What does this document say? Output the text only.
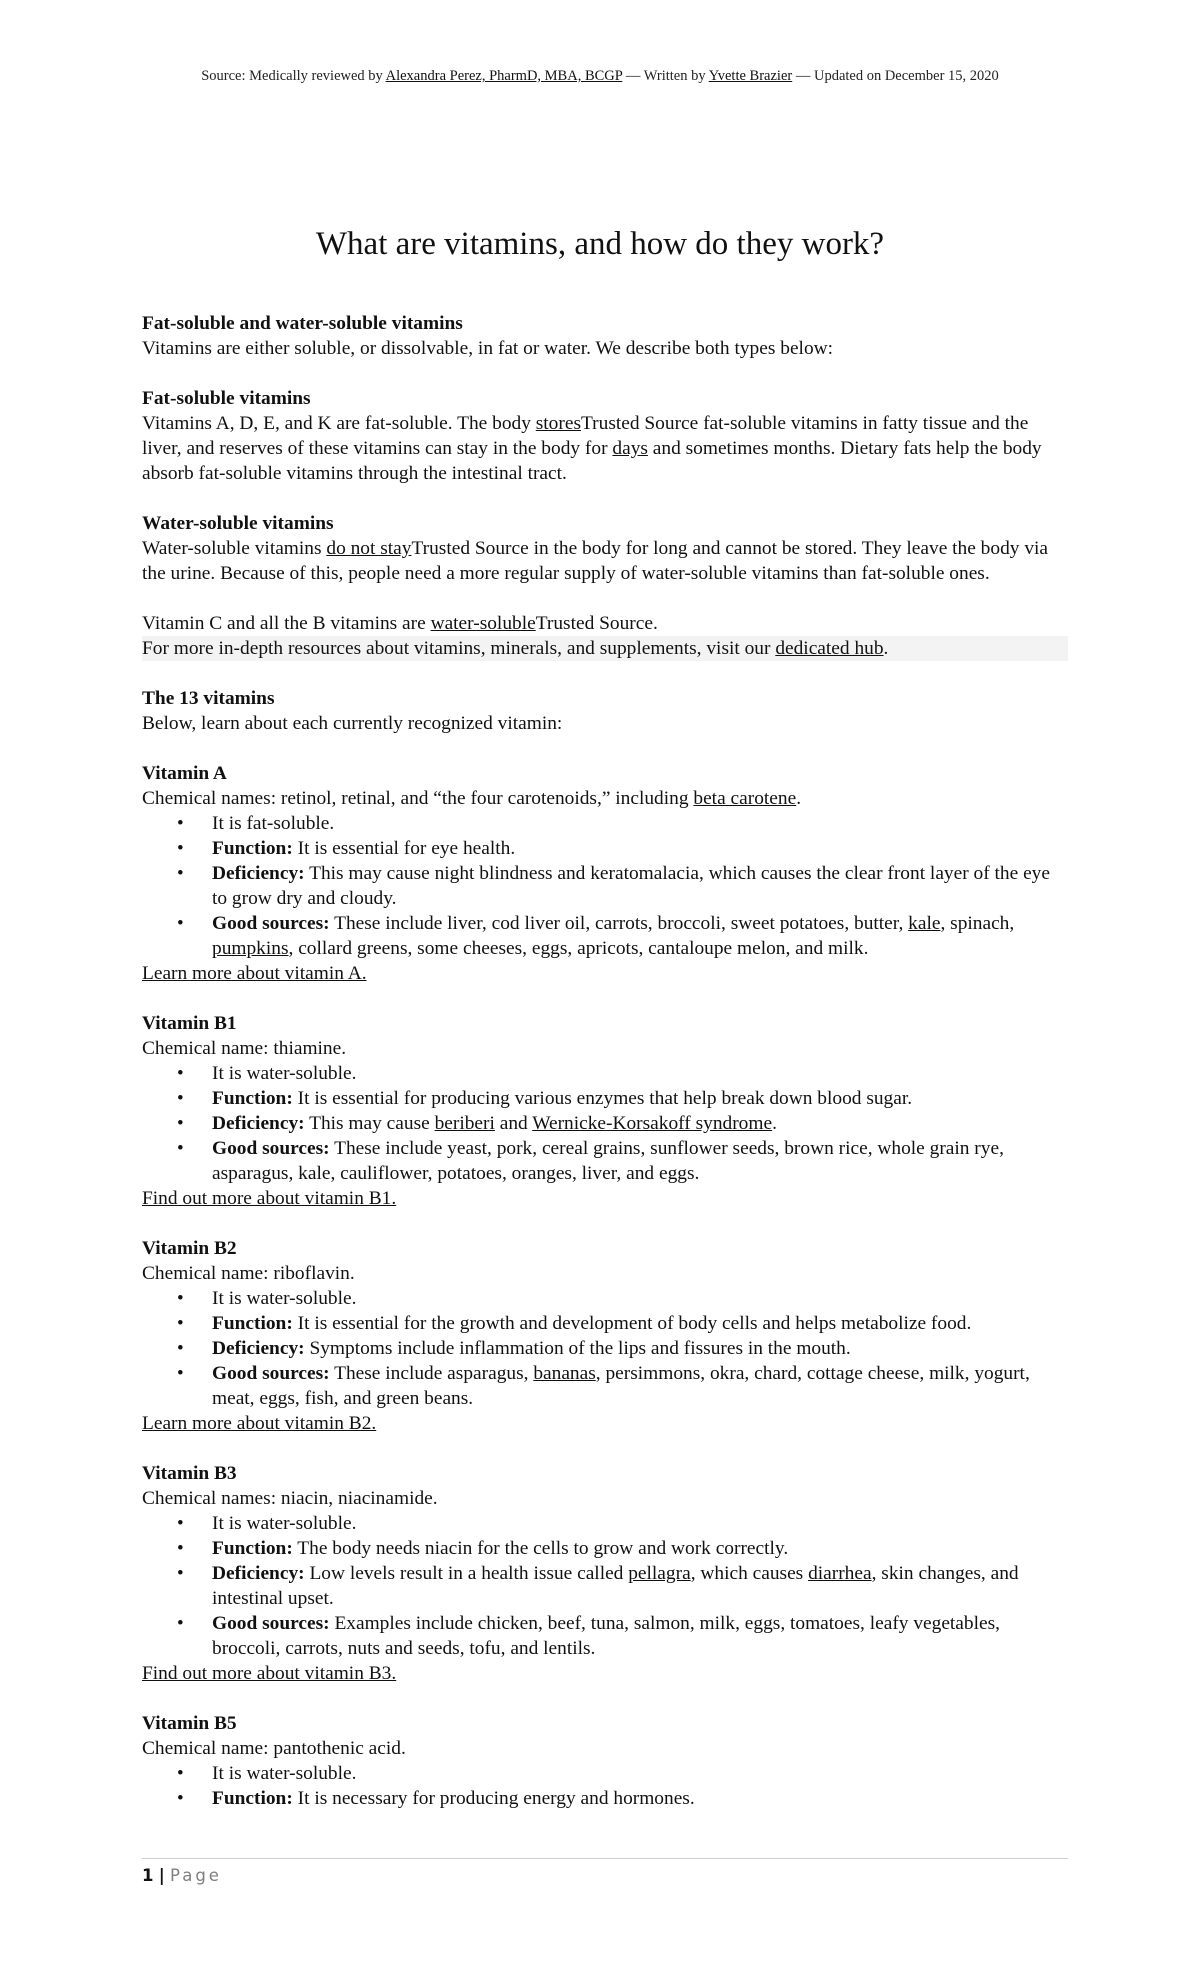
Source: Medically reviewed by Alexandra Perez, PharmD, MBA, BCGP — Written by Yvette Brazier — Updated on December 15, 2020
What are vitamins, and how do they work?
Fat-soluble and water-soluble vitamins

Vitamins are either soluble, or dissolvable, in fat or water. We describe both types below:

Fat-soluble vitamins

Vitamins A, D, E, and K are fat-soluble. The body storesTrusted Source fat-soluble vitamins in fatty tissue and the liver, and reserves of these vitamins can stay in the body for days and sometimes months. Dietary fats help the body absorb fat-soluble vitamins through the intestinal tract.

Water-soluble vitamins

Water-soluble vitamins do not stayTrusted Source in the body for long and cannot be stored. They leave the body via the urine. Because of this, people need a more regular supply of water-soluble vitamins than fat-soluble ones.

Vitamin C and all the B vitamins are water-solubleTrusted Source.

For more in-depth resources about vitamins, minerals, and supplements, visit our dedicated hub.

The 13 vitamins

Below, learn about each currently recognized vitamin:

Vitamin A

Chemical names: retinol, retinal, and “the four carotenoids,” including beta carotene.

• It is fat-soluble.
• Function: It is essential for eye health.
• Deficiency: This may cause night blindness and keratomalacia, which causes the clear front layer of the eye to grow dry and cloudy.
• Good sources: These include liver, cod liver oil, carrots, broccoli, sweet potatoes, butter, kale, spinach, pumpkins, collard greens, some cheeses, eggs, apricots, cantaloupe melon, and milk.

Learn more about vitamin A.

Vitamin B1

Chemical name: thiamine.

• It is water-soluble.
• Function: It is essential for producing various enzymes that help break down blood sugar.
• Deficiency: This may cause beriberi and Wernicke-Korsakoff syndrome.
• Good sources: These include yeast, pork, cereal grains, sunflower seeds, brown rice, whole grain rye, asparagus, kale, cauliflower, potatoes, oranges, liver, and eggs.

Find out more about vitamin B1.

Vitamin B2

Chemical name: riboflavin.

• It is water-soluble.
• Function: It is essential for the growth and development of body cells and helps metabolize food.
• Deficiency: Symptoms include inflammation of the lips and fissures in the mouth.
• Good sources: These include asparagus, bananas, persimmons, okra, chard, cottage cheese, milk, yogurt, meat, eggs, fish, and green beans.

Learn more about vitamin B2.

Vitamin B3

Chemical names: niacin, niacinamide.

• It is water-soluble.
• Function: The body needs niacin for the cells to grow and work correctly.
• Deficiency: Low levels result in a health issue called pellagra, which causes diarrhea, skin changes, and intestinal upset.
• Good sources: Examples include chicken, beef, tuna, salmon, milk, eggs, tomatoes, leafy vegetables, broccoli, carrots, nuts and seeds, tofu, and lentils.

Find out more about vitamin B3.

Vitamin B5

Chemical name: pantothenic acid.

• It is water-soluble.
• Function: It is necessary for producing energy and hormones.
1 | Page
